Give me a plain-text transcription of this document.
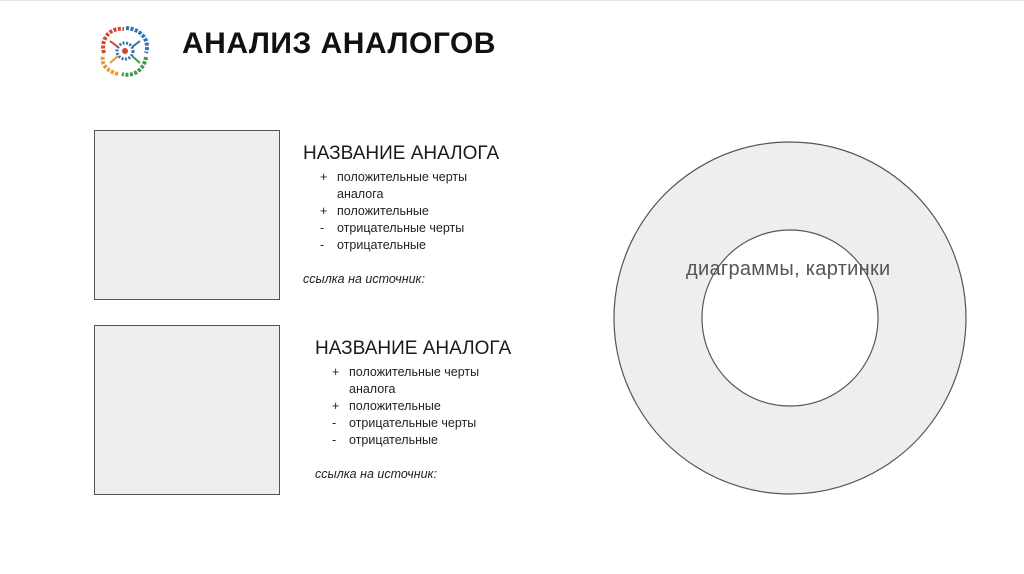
АНАЛИЗ АНАЛОГОВ
НАЗВАНИЕ АНАЛОГА
+ положительные черты аналога
+ положительные
-	отрицательные черты
-	отрицательные
ссылка на источник:
НАЗВАНИЕ АНАЛОГА
+ положительные черты аналога
+ положительные
-	отрицательные черты
-	отрицательные
ссылка на источник:
диаграммы, картинки
